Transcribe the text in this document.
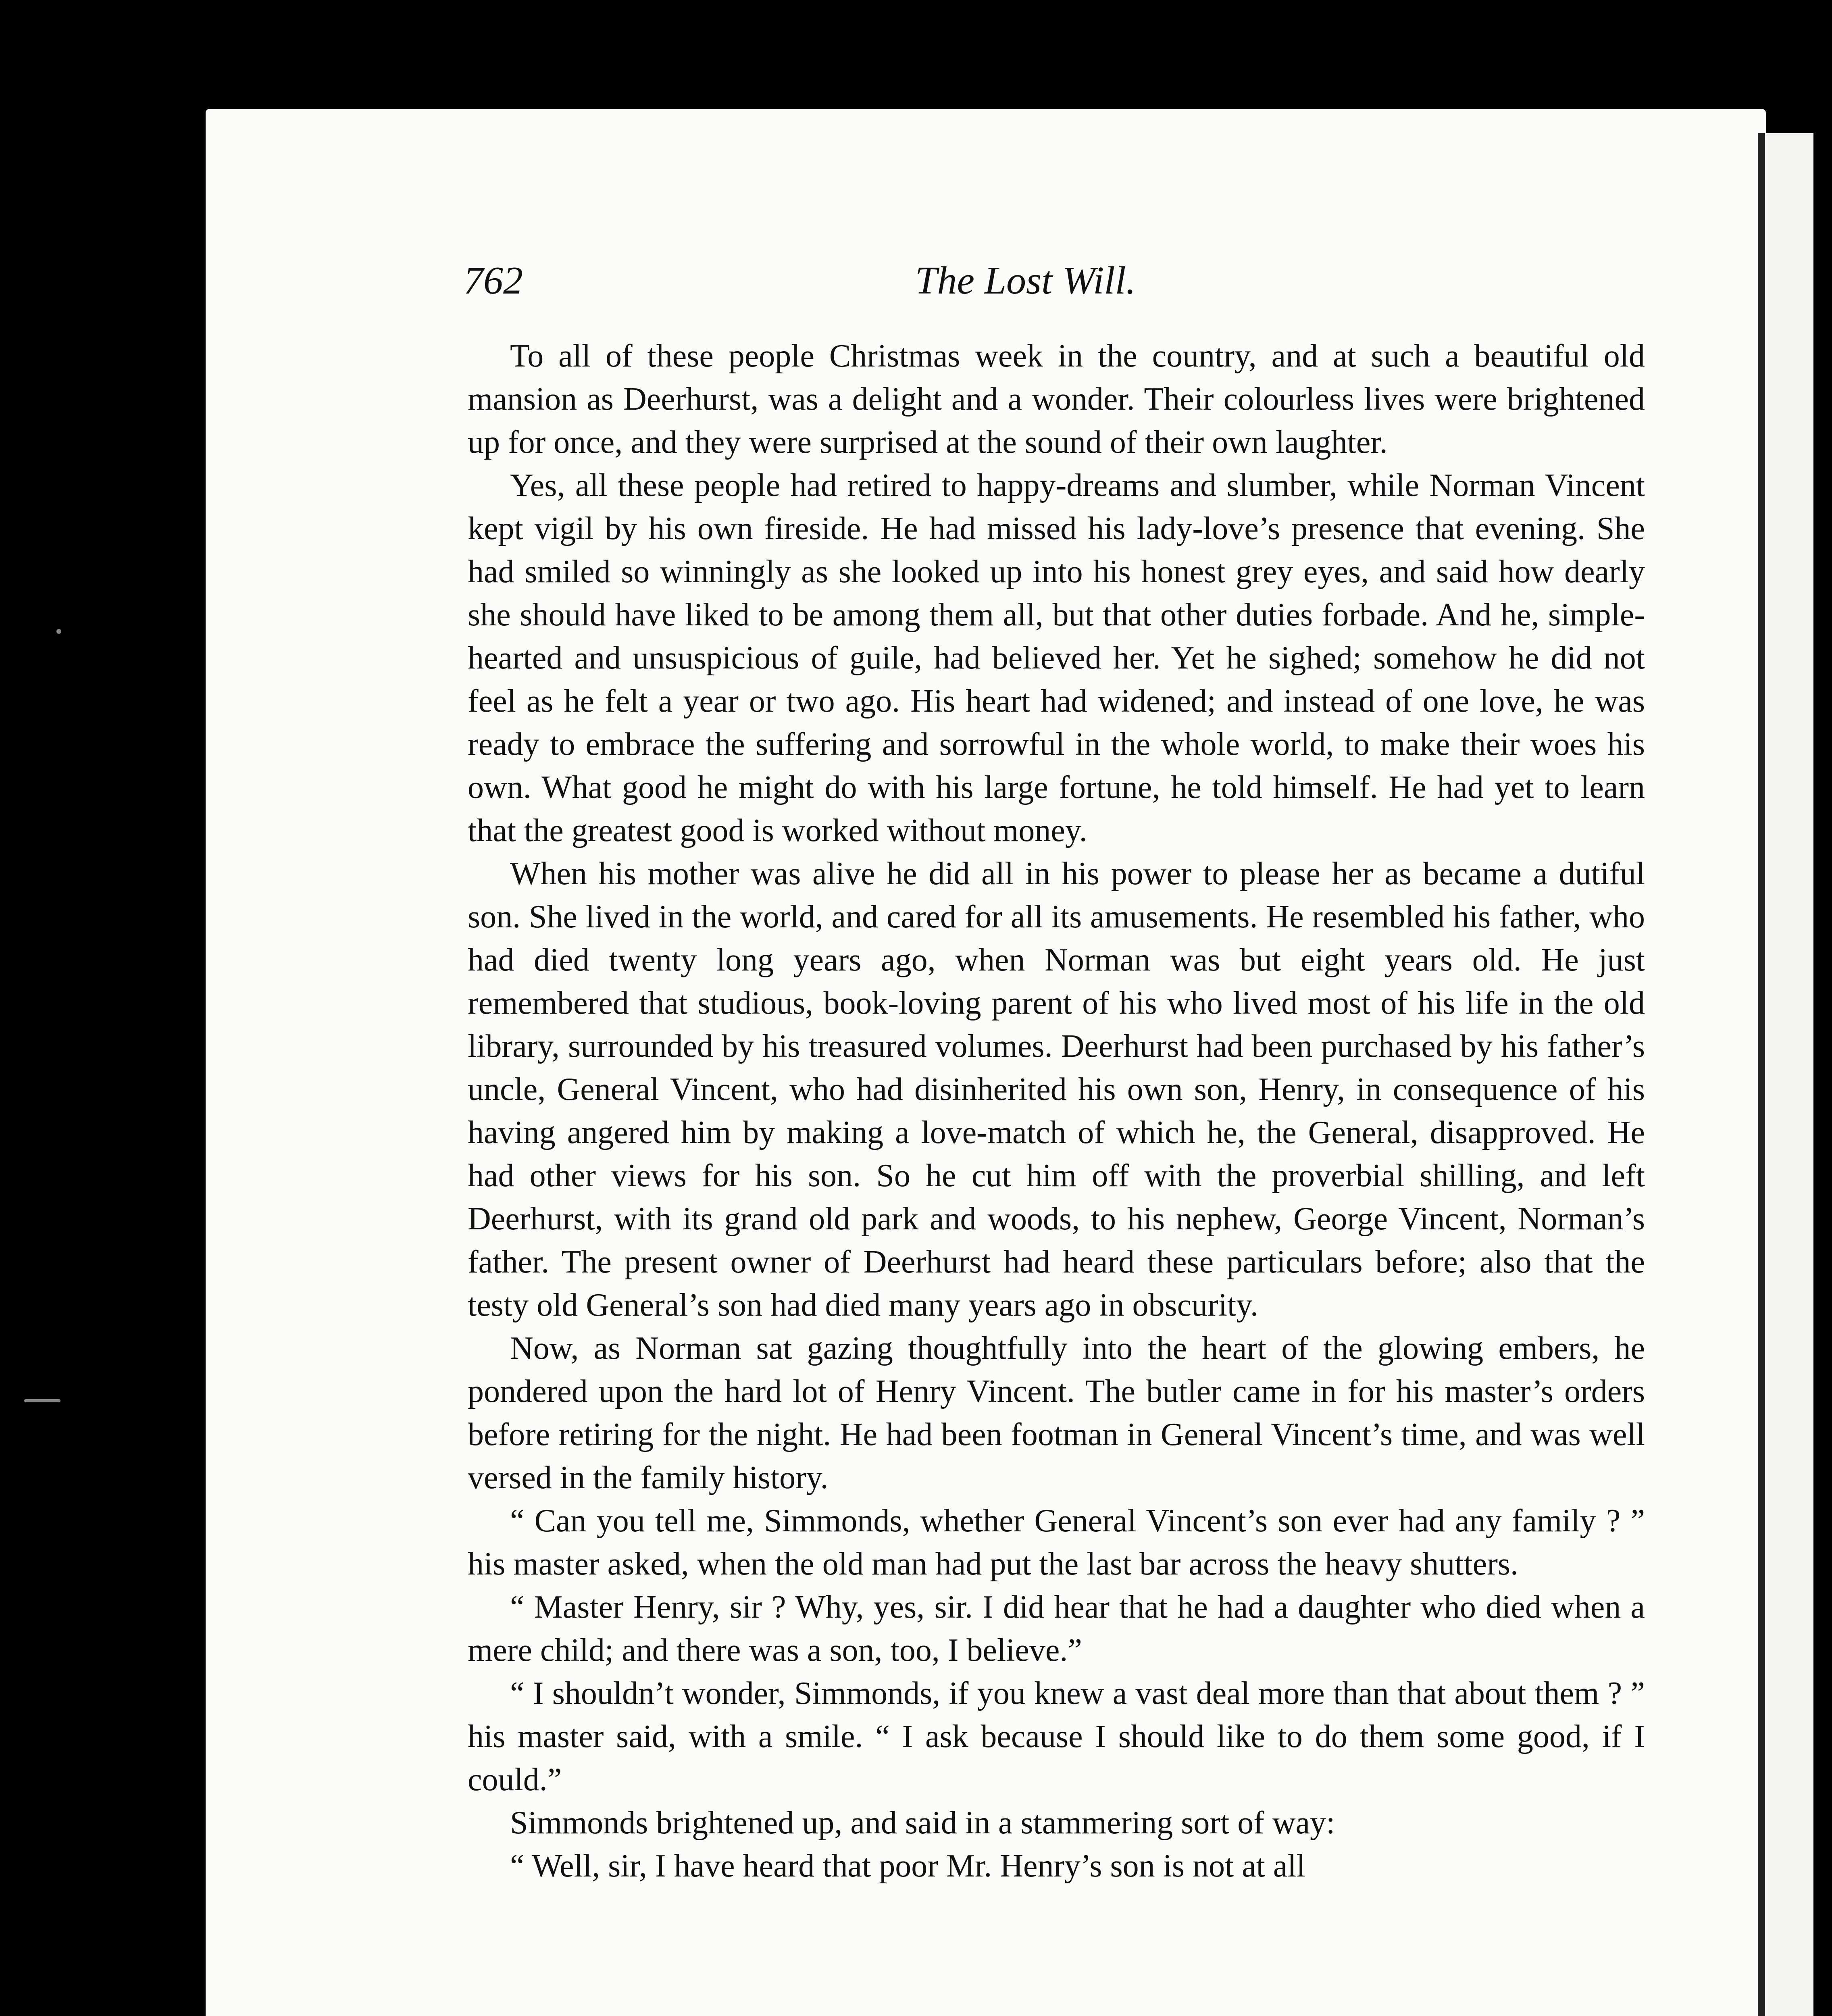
762	The Lost Will.

To all of these people Christmas week in the country, and at such a beautiful old mansion as Deerhurst, was a delight and a wonder. Their colourless lives were brightened up for once, and they were surprised at the sound of their own laughter.

Yes, all these people had retired to happy-dreams and slumber, while Norman Vincent kept vigil by his own fireside. He had missed his lady-love’s presence that evening. She had smiled so winningly as she looked up into his honest grey eyes, and said how dearly she should have liked to be among them all, but that other duties forbade. And he, simple-hearted and unsuspicious of guile, had believed her. Yet he sighed; somehow he did not feel as he felt a year or two ago. His heart had widened; and instead of one love, he was ready to embrace the suffering and sorrowful in the whole world, to make their woes his own. What good he might do with his large fortune, he told himself. He had yet to learn that the greatest good is worked without money.

When his mother was alive he did all in his power to please her as became a dutiful son. She lived in the world, and cared for all its amusements. He resembled his father, who had died twenty long years ago, when Norman was but eight years old. He just remembered that studious, book-loving parent of his who lived most of his life in the old library, surrounded by his treasured volumes. Deerhurst had been purchased by his father’s uncle, General Vincent, who had disinherited his own son, Henry, in consequence of his having angered him by making a love-match of which he, the General, disapproved. He had other views for his son. So he cut him off with the proverbial shilling, and left Deerhurst, with its grand old park and woods, to his nephew, George Vincent, Norman’s father. The present owner of Deerhurst had heard these particulars before; also that the testy old General’s son had died many years ago in obscurity.

Now, as Norman sat gazing thoughtfully into the heart of the glowing embers, he pondered upon the hard lot of Henry Vincent. The butler came in for his master’s orders before retiring for the night. He had been footman in General Vincent’s time, and was well versed in the family history.

“ Can you tell me, Simmonds, whether General Vincent’s son ever had any family ? ” his master asked, when the old man had put the last bar across the heavy shutters.

“ Master Henry, sir ? Why, yes, sir. I did hear that he had a daughter who died when a mere child; and there was a son, too, I believe.”

“ I shouldn’t wonder, Simmonds, if you knew a vast deal more than that about them ? ” his master said, with a smile. “ I ask because I should like to do them some good, if I could.”

Simmonds brightened up, and said in a stammering sort of way:

“ Well, sir, I have heard that poor Mr. Henry’s son is not at all
